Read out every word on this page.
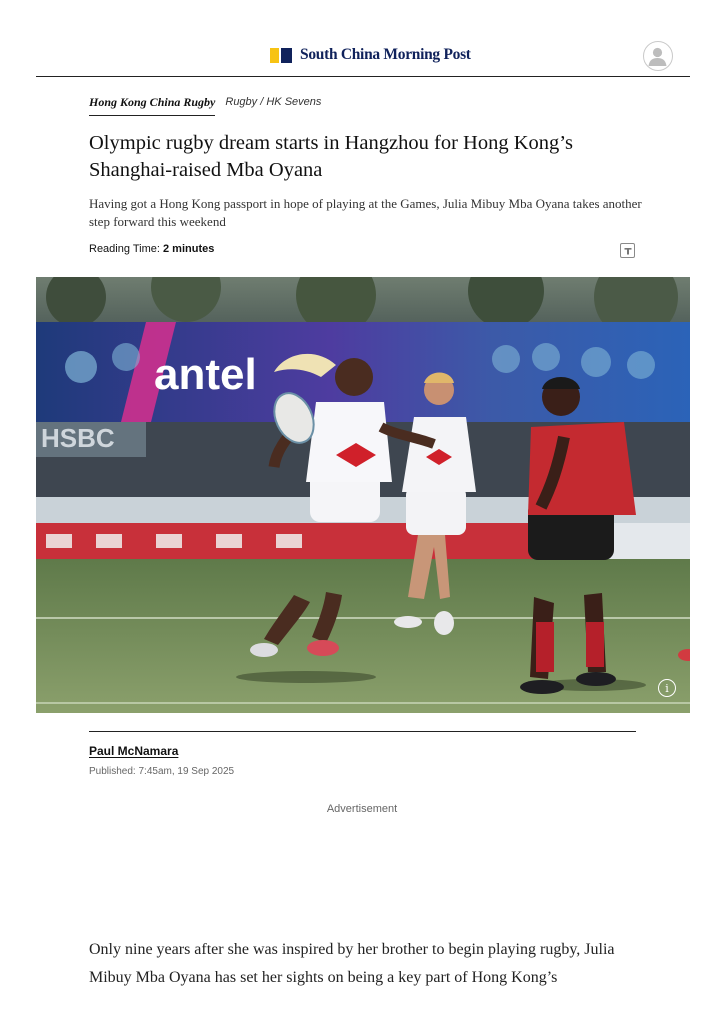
South China Morning Post
Hong Kong China Rugby Rugby / HK Sevens
Olympic rugby dream starts in Hangzhou for Hong Kong’s Shanghai-raised Mba Oyana

Having got a Hong Kong passport in hope of playing at the Games, Julia Mibuy Mba Oyana takes another step forward this weekend

Reading Time: 2 minutes
antel
HSBC
i
Paul McNamara
Published: 7:45am, 19 Sep 2025
Advertisement

Only nine years after she was inspired by her brother to begin playing rugby, Julia Mibuy Mba Oyana has set her sights on being a key part of Hong Kong’s
